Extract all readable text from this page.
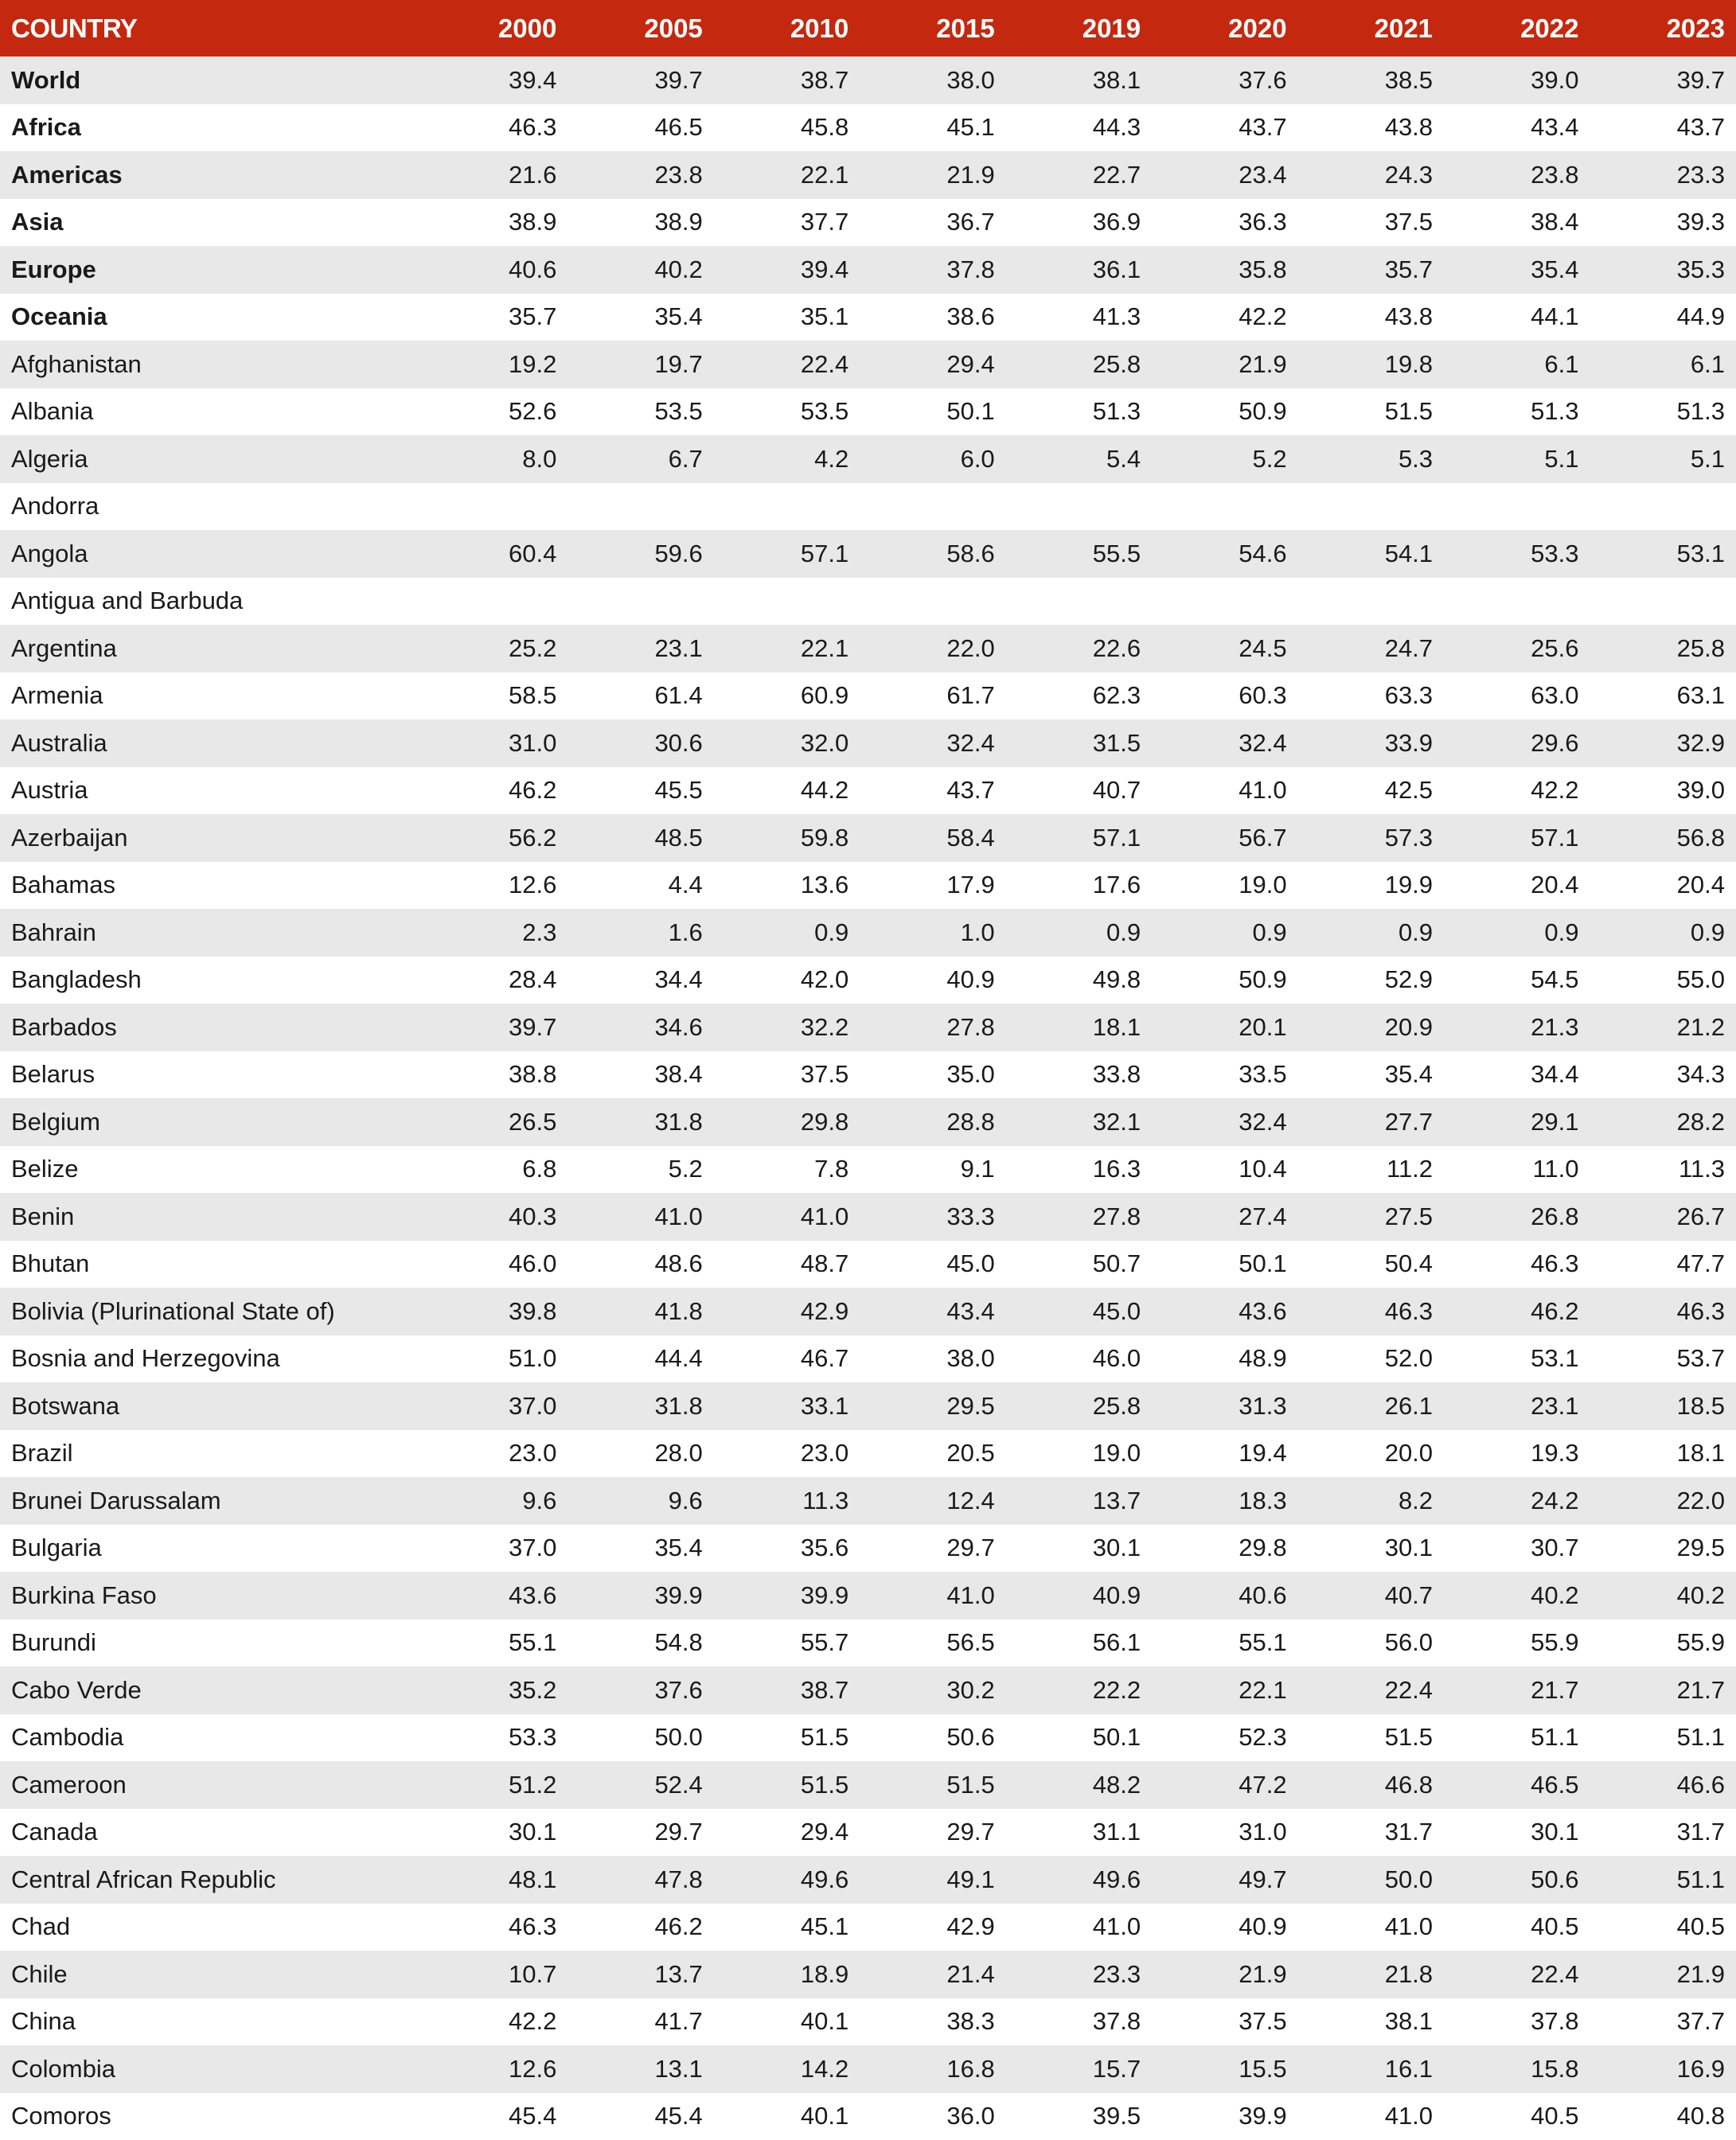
COUNTRY	2000	2005	2010	2015	2019	2020	2021	2022	2023
World	39.4	39.7	38.7	38.0	38.1	37.6	38.5	39.0	39.7
Africa	46.3	46.5	45.8	45.1	44.3	43.7	43.8	43.4	43.7
Americas	21.6	23.8	22.1	21.9	22.7	23.4	24.3	23.8	23.3
Asia	38.9	38.9	37.7	36.7	36.9	36.3	37.5	38.4	39.3
Europe	40.6	40.2	39.4	37.8	36.1	35.8	35.7	35.4	35.3
Oceania	35.7	35.4	35.1	38.6	41.3	42.2	43.8	44.1	44.9
Afghanistan	19.2	19.7	22.4	29.4	25.8	21.9	19.8	6.1	6.1
Albania	52.6	53.5	53.5	50.1	51.3	50.9	51.5	51.3	51.3
Algeria	8.0	6.7	4.2	6.0	5.4	5.2	5.3	5.1	5.1
Andorra									
Angola	60.4	59.6	57.1	58.6	55.5	54.6	54.1	53.3	53.1
Antigua and Barbuda									
Argentina	25.2	23.1	22.1	22.0	22.6	24.5	24.7	25.6	25.8
Armenia	58.5	61.4	60.9	61.7	62.3	60.3	63.3	63.0	63.1
Australia	31.0	30.6	32.0	32.4	31.5	32.4	33.9	29.6	32.9
Austria	46.2	45.5	44.2	43.7	40.7	41.0	42.5	42.2	39.0
Azerbaijan	56.2	48.5	59.8	58.4	57.1	56.7	57.3	57.1	56.8
Bahamas	12.6	4.4	13.6	17.9	17.6	19.0	19.9	20.4	20.4
Bahrain	2.3	1.6	0.9	1.0	0.9	0.9	0.9	0.9	0.9
Bangladesh	28.4	34.4	42.0	40.9	49.8	50.9	52.9	54.5	55.0
Barbados	39.7	34.6	32.2	27.8	18.1	20.1	20.9	21.3	21.2
Belarus	38.8	38.4	37.5	35.0	33.8	33.5	35.4	34.4	34.3
Belgium	26.5	31.8	29.8	28.8	32.1	32.4	27.7	29.1	28.2
Belize	6.8	5.2	7.8	9.1	16.3	10.4	11.2	11.0	11.3
Benin	40.3	41.0	41.0	33.3	27.8	27.4	27.5	26.8	26.7
Bhutan	46.0	48.6	48.7	45.0	50.7	50.1	50.4	46.3	47.7
Bolivia (Plurinational State of)	39.8	41.8	42.9	43.4	45.0	43.6	46.3	46.2	46.3
Bosnia and Herzegovina	51.0	44.4	46.7	38.0	46.0	48.9	52.0	53.1	53.7
Botswana	37.0	31.8	33.1	29.5	25.8	31.3	26.1	23.1	18.5
Brazil	23.0	28.0	23.0	20.5	19.0	19.4	20.0	19.3	18.1
Brunei Darussalam	9.6	9.6	11.3	12.4	13.7	18.3	8.2	24.2	22.0
Bulgaria	37.0	35.4	35.6	29.7	30.1	29.8	30.1	30.7	29.5
Burkina Faso	43.6	39.9	39.9	41.0	40.9	40.6	40.7	40.2	40.2
Burundi	55.1	54.8	55.7	56.5	56.1	55.1	56.0	55.9	55.9
Cabo Verde	35.2	37.6	38.7	30.2	22.2	22.1	22.4	21.7	21.7
Cambodia	53.3	50.0	51.5	50.6	50.1	52.3	51.5	51.1	51.1
Cameroon	51.2	52.4	51.5	51.5	48.2	47.2	46.8	46.5	46.6
Canada	30.1	29.7	29.4	29.7	31.1	31.0	31.7	30.1	31.7
Central African Republic	48.1	47.8	49.6	49.1	49.6	49.7	50.0	50.6	51.1
Chad	46.3	46.2	45.1	42.9	41.0	40.9	41.0	40.5	40.5
Chile	10.7	13.7	18.9	21.4	23.3	21.9	21.8	22.4	21.9
China	42.2	41.7	40.1	38.3	37.8	37.5	38.1	37.8	37.7
Colombia	12.6	13.1	14.2	16.8	15.7	15.5	16.1	15.8	16.9
Comoros	45.4	45.4	40.1	36.0	39.5	39.9	41.0	40.5	40.8
